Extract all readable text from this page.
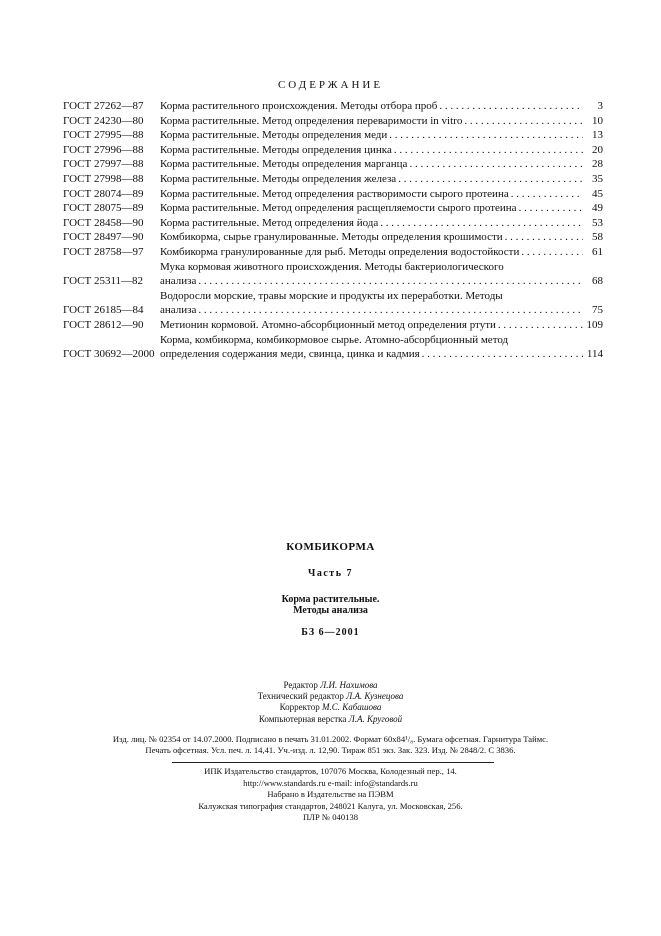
СОДЕРЖАНИЕ
ГОСТ 27262—87	Корма растительного происхождения. Методы отбора проб . . .	3
ГОСТ 24230—80	Корма растительные. Метод определения переваримости in vitro . . .	10
ГОСТ 27995—88	Корма растительные. Методы определения меди . . .	13
ГОСТ 27996—88	Корма растительные. Методы определения цинка . . .	20
ГОСТ 27997—88	Корма растительные. Методы определения марганца . . .	28
ГОСТ 27998—88	Корма растительные. Методы определения железа . . .	35
ГОСТ 28074—89	Корма растительные. Метод определения растворимости сырого протеина . . .	45
ГОСТ 28075—89	Корма растительные. Метод определения расщепляемости сырого протеина . . .	49
ГОСТ 28458—90	Корма растительные. Метод определения йода . . .	53
ГОСТ 28497—90	Комбикорма, сырье гранулированные. Методы определения крошимости . . .	58
ГОСТ 28758—97	Комбикорма гранулированные для рыб. Методы определения водостойкости . . .	61
ГОСТ 25311—82
Мука кормовая животного происхождения. Методы бактериологического
анализа . . .	68
ГОСТ 26185—84
Водоросли морские, травы морские и продукты их переработки. Методы
анализа . . .	75
ГОСТ 28612—90	Метионин кормовой. Атомно-абсорбционный метод определения ртути . . .	109
ГОСТ 30692—2000
Корма, комбикорма, комбикормовое сырье. Атомно-абсорбционный метод
определения содержания меди, свинца, цинка и кадмия . . .	114
КОМБИКОРМА
Часть 7
Корма растительные.
Методы анализа
БЗ 6—2001
Редактор Л.И. Нахимова
Технический редактор Л.А. Кузнецова
Корректор М.С. Кабашова
Компьютерная верстка Л.А. Круговой
Изд. лиц. № 02354 от 14.07.2000. Подписано в печать 31.01.2002. Формат 60x84¹/₈. Бумага офсетная. Гарнитура Таймс.
Печать офсетная. Усл. печ. л. 14,41. Уч.-изд. л. 12,90. Тираж 851 экз. Зак. 323. Изд. № 2848/2. С 3836.
ИПК Издательство стандартов, 107076 Москва, Колодезный пер., 14.
http://www.standards.ru e-mail: info@standards.ru
Набрано в Издательстве на ПЭВМ
Калужская типография стандартов, 248021 Калуга, ул. Московская, 256.
ПЛР № 040138
